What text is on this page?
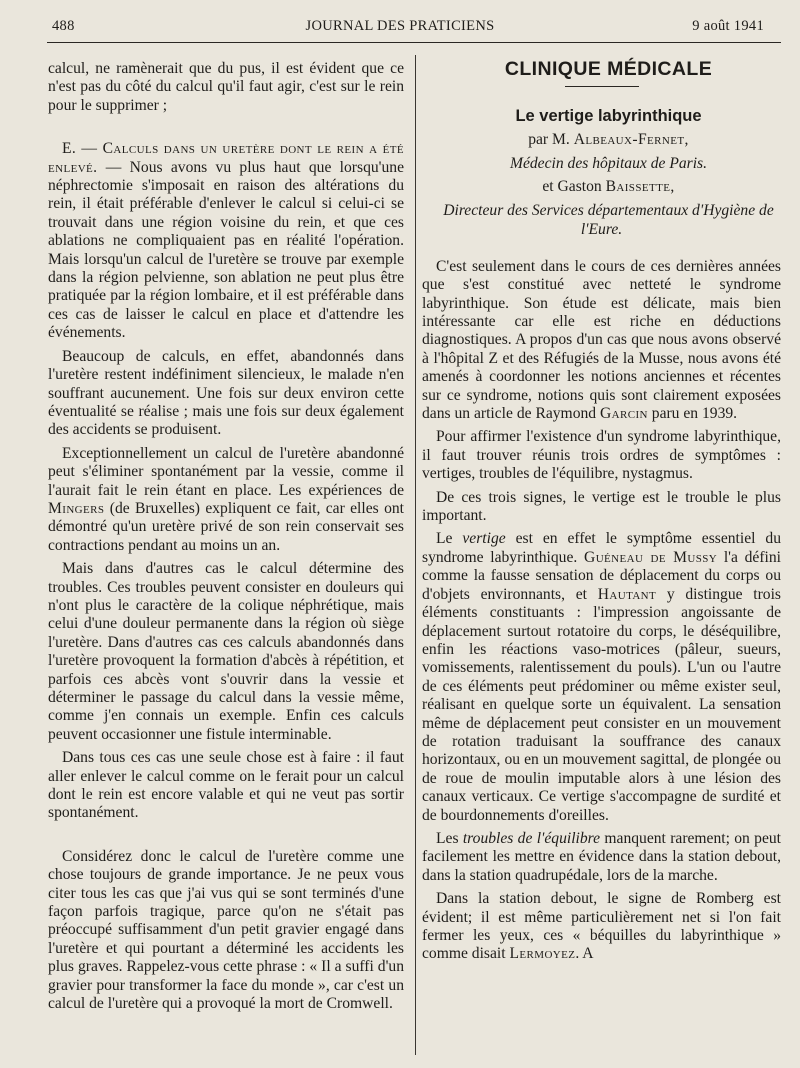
488	JOURNAL DES PRATICIENS	9 août 1941

calcul, ne ramènerait que du pus, il est évident que ce n'est pas du côté du calcul qu'il faut agir, c'est sur le rein pour le supprimer ;

E. — Calculs dans un uretère dont le rein a été enlevé. — Nous avons vu plus haut que lorsqu'une néphrectomie s'imposait en raison des altérations du rein, il était préférable d'enlever le calcul si celui-ci se trouvait dans une région voisine du rein, et que ces ablations ne compliquaient pas en réalité l'opération. Mais lorsqu'un calcul de l'uretère se trouve par exemple dans la région pelvienne, son ablation ne peut plus être pratiquée par la région lombaire, et il est préférable dans ces cas de laisser le calcul en place et d'attendre les événements.

Beaucoup de calculs, en effet, abandonnés dans l'uretère restent indéfiniment silencieux, le malade n'en souffrant aucunement. Une fois sur deux environ cette éventualité se réalise ; mais une fois sur deux également des accidents se produisent.

Exceptionnellement un calcul de l'uretère abandonné peut s'éliminer spontanément par la vessie, comme il l'aurait fait le rein étant en place. Les expériences de Mingers (de Bruxelles) expliquent ce fait, car elles ont démontré qu'un uretère privé de son rein conservait ses contractions pendant au moins un an.

Mais dans d'autres cas le calcul détermine des troubles. Ces troubles peuvent consister en douleurs qui n'ont plus le caractère de la colique néphrétique, mais celui d'une douleur permanente dans la région où siège l'uretère. Dans d'autres cas ces calculs abandonnés dans l'uretère provoquent la formation d'abcès à répétition, et parfois ces abcès vont s'ouvrir dans la vessie et déterminer le passage du calcul dans la vessie même, comme j'en connais un exemple. Enfin ces calculs peuvent occasionner une fistule interminable.

Dans tous ces cas une seule chose est à faire : il faut aller enlever le calcul comme on le ferait pour un calcul dont le rein est encore valable et qui ne veut pas sortir spontanément.

Considérez donc le calcul de l'uretère comme une chose toujours de grande importance. Je ne peux vous citer tous les cas que j'ai vus qui se sont terminés d'une façon parfois tragique, parce qu'on ne s'était pas préoccupé suffisamment d'un petit gravier engagé dans l'uretère et qui pourtant a déterminé les accidents les plus graves. Rappelez-vous cette phrase : « Il a suffi d'un gravier pour transformer la face du monde », car c'est un calcul de l'uretère qui a provoqué la mort de Cromwell.

CLINIQUE MÉDICALE

Le vertige labyrinthique

par M. Albeaux-Fernet,

Médecin des hôpitaux de Paris.

et Gaston Baissette,

Directeur des Services départementaux d'Hygiène de l'Eure.

C'est seulement dans le cours de ces dernières années que s'est constitué avec netteté le syndrome labyrinthique. Son étude est délicate, mais bien intéressante car elle est riche en déductions diagnostiques. A propos d'un cas que nous avons observé à l'hôpital Z et des Réfugiés de la Musse, nous avons été amenés à coordonner les notions anciennes et récentes sur ce syndrome, notions quis sont clairement exposées dans un article de Raymond Garcin paru en 1939.

Pour affirmer l'existence d'un syndrome labyrinthique, il faut trouver réunis trois ordres de symptômes : vertiges, troubles de l'équilibre, nystagmus.

De ces trois signes, le vertige est le trouble le plus important.

Le vertige est en effet le symptôme essentiel du syndrome labyrinthique. Guéneau de Mussy l'a défini comme la fausse sensation de déplacement du corps ou d'objets environnants, et Hautant y distingue trois éléments constituants : l'impression angoissante de déplacement surtout rotatoire du corps, le déséquilibre, enfin les réactions vaso-motrices (pâleur, sueurs, vomissements, ralentissement du pouls). L'un ou l'autre de ces éléments peut prédominer ou même exister seul, réalisant en quelque sorte un équivalent. La sensation même de déplacement peut consister en un mouvement de rotation traduisant la souffrance des canaux horizontaux, ou en un mouvement sagittal, de plongée ou de roue de moulin imputable alors à une lésion des canaux verticaux. Ce vertige s'accompagne de surdité et de bourdonnements d'oreilles.

Les troubles de l'équilibre manquent rarement; on peut facilement les mettre en évidence dans la station debout, dans la station quadrupédale, lors de la marche.

Dans la station debout, le signe de Romberg est évident; il est même particulièrement net si l'on fait fermer les yeux, ces « béquilles du labyrinthique » comme disait Lermoyez. A
